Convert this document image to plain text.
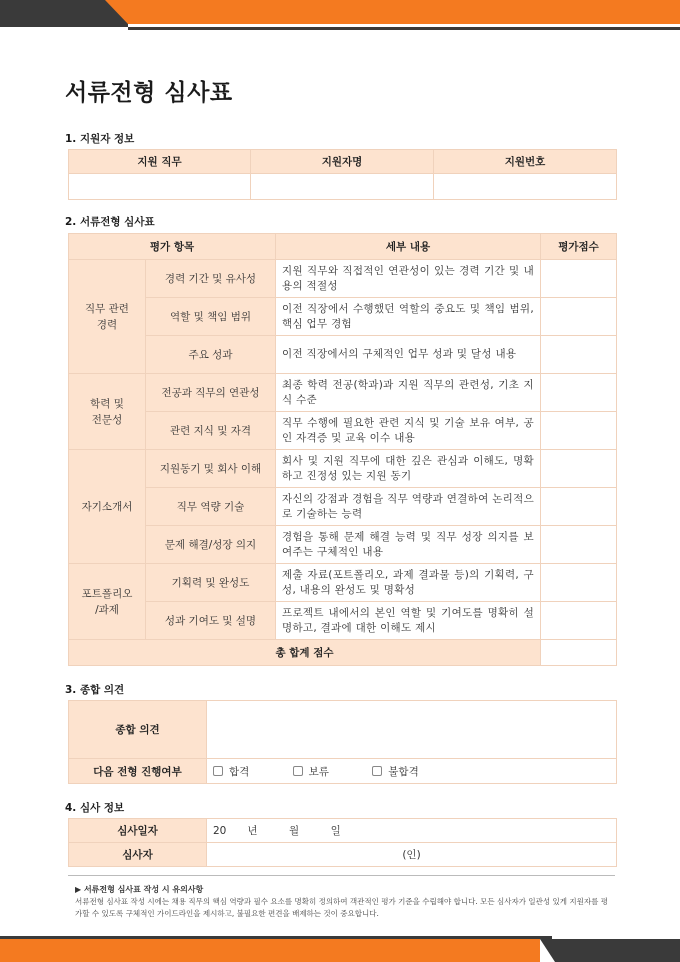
서류전형 심사표
1. 지원자 정보
지원 직무	지원자명	지원번호

2. 서류전형 심사표
평가 항목		세부 내용	평가점수
직무 관련
경력	경력 기간 및 유사성	지원 직무와 직접적인 연관성이 있는 경력 기간 및 내용의 적절성	
	역할 및 책임 범위	이전 직장에서 수행했던 역할의 중요도 및 책임 범위, 핵심 업무 경험	
	주요 성과	이전 직장에서의 구체적인 업무 성과 및 달성 내용	
학력 및
전문성	전공과 직무의 연관성	최종 학력 전공(학과)과 지원 직무의 관련성, 기초 지식 수준	
	관련 지식 및 자격	직무 수행에 필요한 관련 지식 및 기술 보유 여부, 공인 자격증 및 교육 이수 내용	
자기소개서	지원동기 및 회사 이해	회사 및 지원 직무에 대한 깊은 관심과 이해도, 명확하고 진정성 있는 지원 동기	
	직무 역량 기술	자신의 강점과 경험을 직무 역량과 연결하여 논리적으로 기술하는 능력	
	문제 해결/성장 의지	경험을 통해 문제 해결 능력 및 직무 성장 의지를 보여주는 구체적인 내용	
포트폴리오
/과제	기획력 및 완성도	제출 자료(포트폴리오, 과제 결과물 등)의 기획력, 구성, 내용의 완성도 및 명확성	
	성과 기여도 및 설명	프로젝트 내에서의 본인 역할 및 기여도를 명확히 설명하고, 결과에 대한 이해도 제시	
총 합계 점수			
3. 종합 의견
종합 의견	
다음 전형 진행여부	합격 보류 불합격
4. 심사 정보
심사일자	20　　년　　　월　　　일
심사자	(인)
▶ 서류전형 심사표 작성 시 유의사항
서류전형 심사표 작성 시에는 채용 직무의 핵심 역량과 필수 요소를 명확히 정의하여 객관적인 평가 기준을 수립해야 합니다. 모든 심사자가 일관성 있게 지원자를 평가할 수 있도록 구체적인 가이드라인을 제시하고, 불필요한 편견을 배제하는 것이 중요합니다.
